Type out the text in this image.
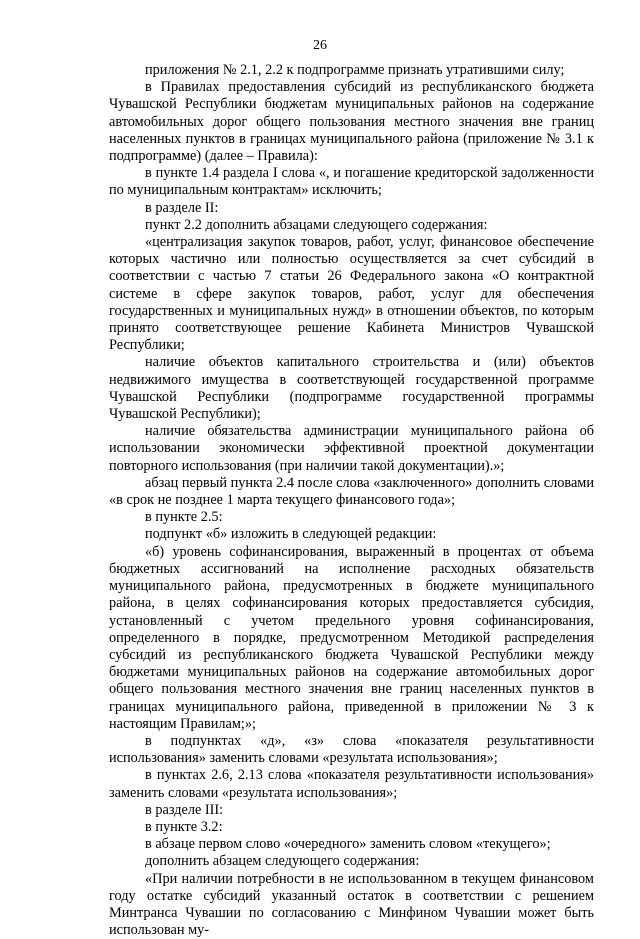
26

приложения № 2.1, 2.2 к подпрограмме признать утратившими силу;

в Правилах предоставления субсидий из республиканского бюджета Чувашской Республики бюджетам муниципальных районов на содержание автомобильных дорог общего пользования местного значения вне границ населенных пунктов в границах муниципального района (приложение № 3.1 к подпрограмме) (далее – Правила):

в пункте 1.4 раздела I слова «, и погашение кредиторской задолженности по муниципальным контрактам» исключить;

в разделе II:

пункт 2.2 дополнить абзацами следующего содержания:

«централизация закупок товаров, работ, услуг, финансовое обеспечение которых частично или полностью осуществляется за счет субсидий в соответствии с частью 7 статьи 26 Федерального закона «О контрактной системе в сфере закупок товаров, работ, услуг для обеспечения государственных и муниципальных нужд» в отношении объектов, по которым принято соответствующее решение Кабинета Министров Чувашской Республики;

наличие объектов капитального строительства и (или) объектов недвижимого имущества в соответствующей государственной программе Чувашской Республики (подпрограмме государственной программы Чувашской Республики);

наличие обязательства администрации муниципального района об использовании экономически эффективной проектной документации повторного использования (при наличии такой документации).»;

абзац первый пункта 2.4 после слова «заключенного» дополнить словами «в срок не позднее 1 марта текущего финансового года»;

в пункте 2.5:

подпункт «б» изложить в следующей редакции:

«б) уровень софинансирования, выраженный в процентах от объема бюджетных ассигнований на исполнение расходных обязательств муниципального района, предусмотренных в бюджете муниципального района, в целях софинансирования которых предоставляется субсидия, установленный с учетом предельного уровня софинансирования, определенного в порядке, предусмотренном Методикой распределения субсидий из республиканского бюджета Чувашской Республики между бюджетами муниципальных районов на содержание автомобильных дорог общего пользования местного значения вне границ населенных пунктов в границах муниципального района, приведенной в приложении № 3 к настоящим Правилам;»;

в подпунктах «д», «з» слова «показателя результативности использования» заменить словами «результата использования»;

в пунктах 2.6, 2.13 слова «показателя результативности использования» заменить словами «результата использования»;

в разделе III:

в пункте 3.2:

в абзаце первом слово «очередного» заменить словом «текущего»;

дополнить абзацем следующего содержания:

«При наличии потребности в не использованном в текущем финансовом году остатке субсидий указанный остаток в соответствии с решением Минтранса Чувашии по согласованию с Минфином Чувашии может быть использован му-
